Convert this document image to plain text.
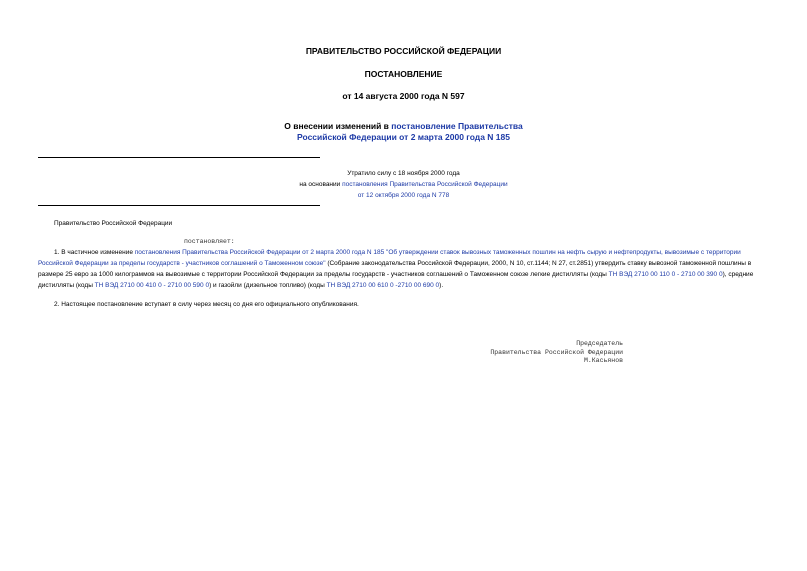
ПРАВИТЕЛЬСТВО РОССИЙСКОЙ ФЕДЕРАЦИИ
ПОСТАНОВЛЕНИЕ
от 14 августа 2000 года N 597
О внесении изменений в постановление Правительства
Российской Федерации от 2 марта 2000 года N 185
Утратило силу с 18 ноября 2000 года
на основании постановления Правительства Российской Федерации
от 12 октября 2000 года N 778
Правительство Российской Федерации
постановляет:
1. В частичное изменение постановления Правительства Российской Федерации от 2 марта 2000 года N 185 "Об утверждении ставок вывозных таможенных пошлин на нефть сырую и нефтепродукты, вывозимые с территории Российской Федерации за пределы государств - участников соглашений о Таможенном союзе" (Собрание законодательства Российской Федерации, 2000, N 10, ст.1144; N 27, ст.2851) утвердить ставку вывозной таможенной пошлины в размере 25 евро за 1000 килограммов на вывозимые с территории Российской Федерации за пределы государств - участников соглашений о Таможенном союзе легкие дистилляты (коды ТН ВЭД 2710 00 110 0 - 2710 00 390 0), средние дистилляты (коды ТН ВЭД 2710 00 410 0 - 2710 00 590 0) и газойли (дизельное топливо) (коды ТН ВЭД 2710 00 610 0 -2710 00 690 0).
2. Настоящее постановление вступает в силу через месяц со дня его официального опубликования.
Председатель
Правительства Российской Федерации
М.Касьянов
